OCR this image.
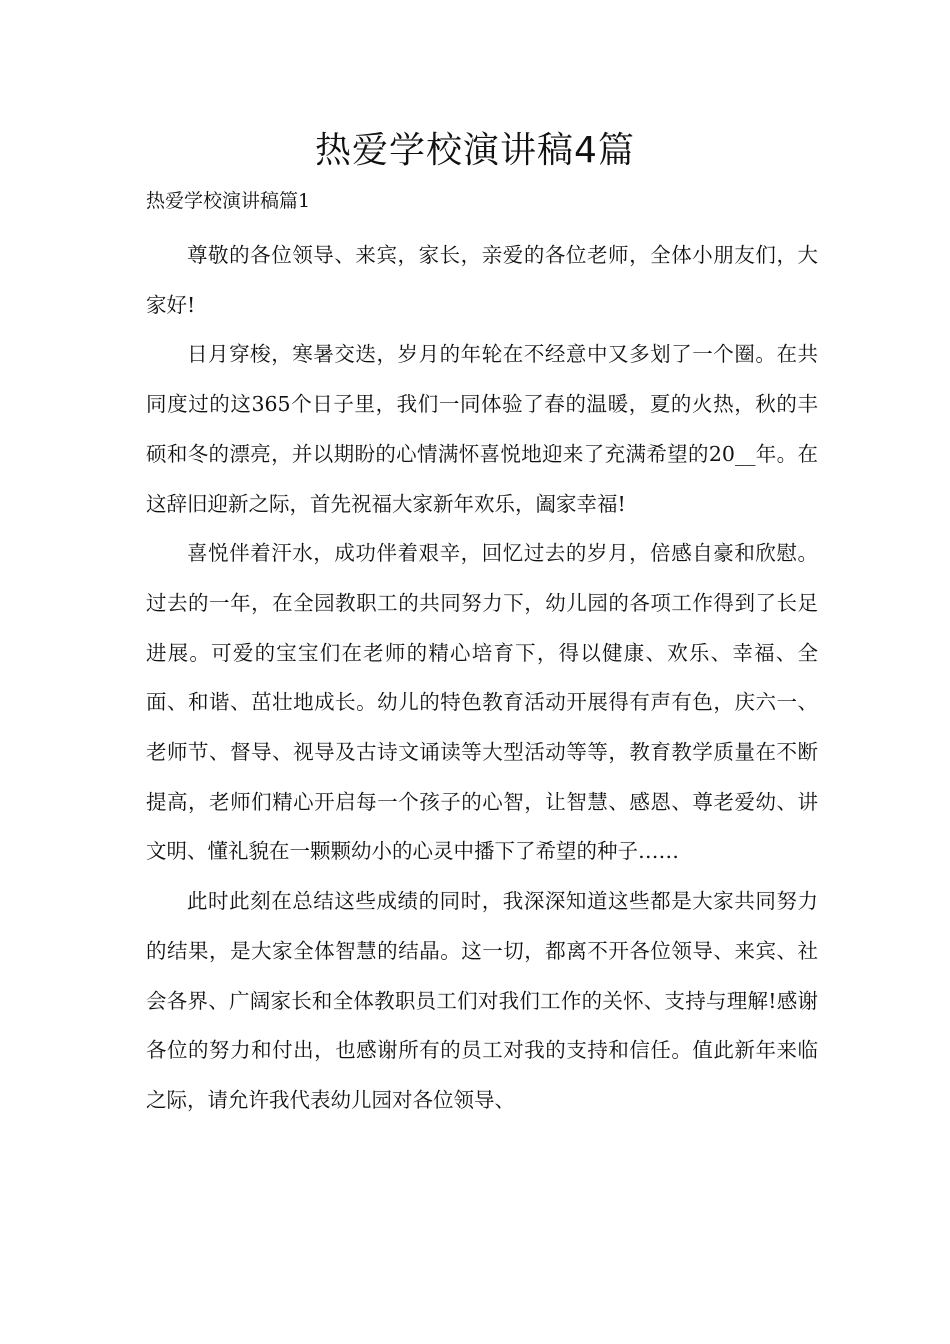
热爱学校演讲稿4篇

热爱学校演讲稿篇1

尊敬的各位领导、来宾，家长，亲爱的各位老师，全体小朋友们，大家好!

日月穿梭，寒暑交迭，岁月的年轮在不经意中又多划了一个圈。在共同度过的这365个日子里，我们一同体验了春的温暖，夏的火热，秋的丰硕和冬的漂亮，并以期盼的心情满怀喜悦地迎来了充满希望的20__年。在这辞旧迎新之际，首先祝福大家新年欢乐，阖家幸福!

喜悦伴着汗水，成功伴着艰辛，回忆过去的岁月，倍感自豪和欣慰。过去的一年，在全园教职工的共同努力下，幼儿园的各项工作得到了长足进展。可爱的宝宝们在老师的精心培育下，得以健康、欢乐、幸福、全面、和谐、茁壮地成长。幼儿的特色教育活动开展得有声有色，庆六一、老师节、督导、视导及古诗文诵读等大型活动等等，教育教学质量在不断提高，老师们精心开启每一个孩子的心智，让智慧、感恩、尊老爱幼、讲文明、懂礼貌在一颗颗幼小的心灵中播下了希望的种子……

此时此刻在总结这些成绩的同时，我深深知道这些都是大家共同努力的结果，是大家全体智慧的结晶。这一切，都离不开各位领导、来宾、社会各界、广阔家长和全体教职员工们对我们工作的关怀、支持与理解!感谢各位的努力和付出，也感谢所有的员工对我的支持和信任。值此新年来临之际，请允许我代表幼儿园对各位领导、
